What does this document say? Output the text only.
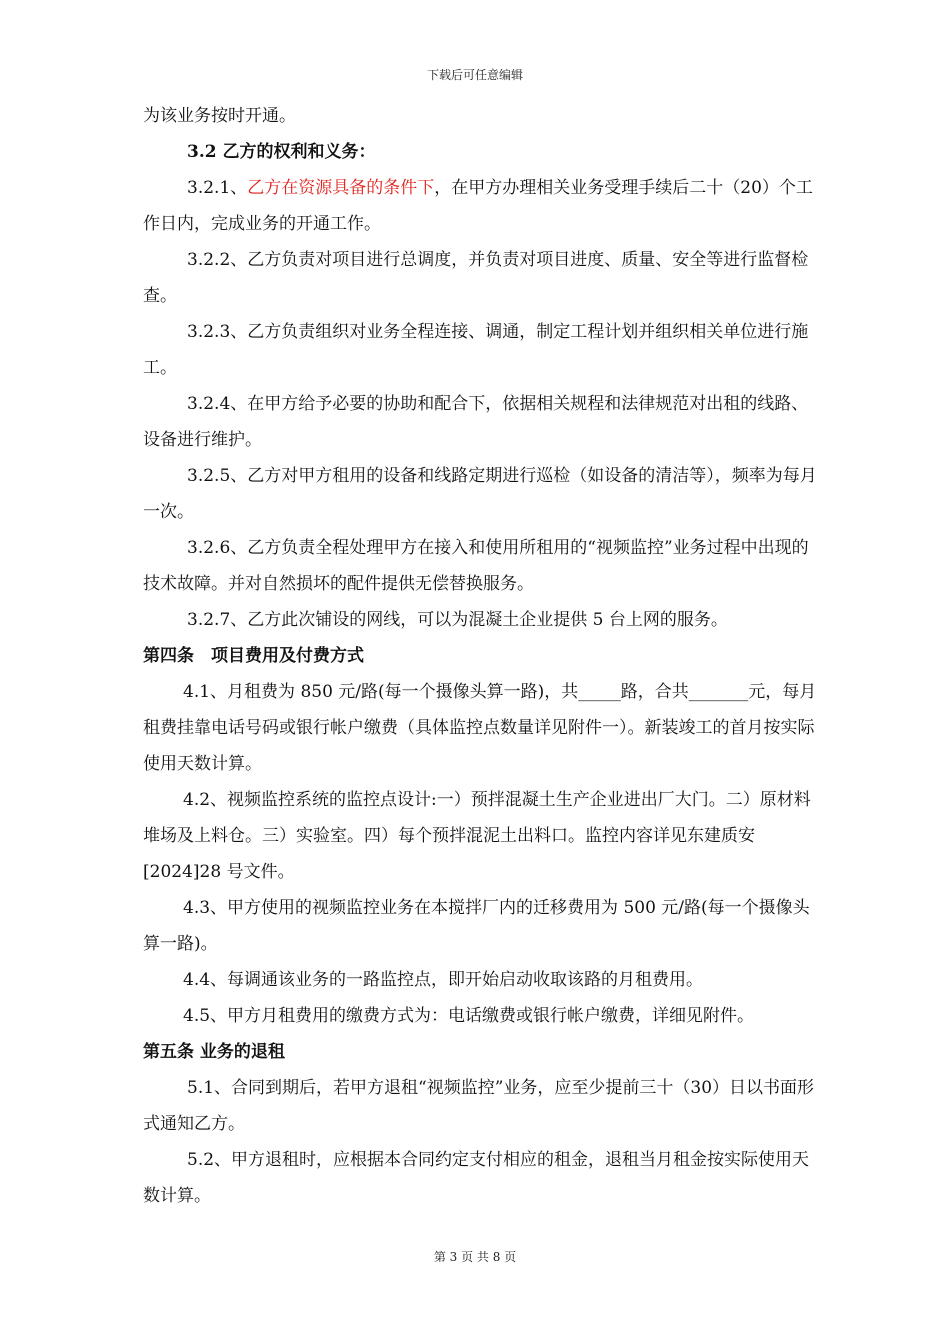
下载后可任意编辑

为该业务按时开通。

3.2 乙方的权利和义务：

3.2.1、乙方在资源具备的条件下，在甲方办理相关业务受理手续后二十（20）个工作日内，完成业务的开通工作。

3.2.2、乙方负责对项目进行总调度，并负责对项目进度、质量、安全等进行监督检查。

3.2.3、乙方负责组织对业务全程连接、调通，制定工程计划并组织相关单位进行施工。

3.2.4、在甲方给予必要的协助和配合下，依据相关规程和法律规范对出租的线路、设备进行维护。

3.2.5、乙方对甲方租用的设备和线路定期进行巡检（如设备的清洁等），频率为每月一次。

3.2.6、乙方负责全程处理甲方在接入和使用所租用的“视频监控”业务过程中出现的技术故障。并对自然损坏的配件提供无偿替换服务。

3.2.7、乙方此次铺设的网线，可以为混凝土企业提供 5 台上网的服务。

第四条　项目费用及付费方式

4.1、月租费为 850 元/路(每一个摄像头算一路)，共_____路，合共_______元，每月租费挂靠电话号码或银行帐户缴费（具体监控点数量详见附件一）。新装竣工的首月按实际使用天数计算。

4.2、视频监控系统的监控点设计:一）预拌混凝土生产企业进出厂大门。二）原材料堆场及上料仓。三）实验室。四）每个预拌混泥土出料口。监控内容详见东建质安[2024]28 号文件。

4.3、甲方使用的视频监控业务在本搅拌厂内的迁移费用为 500 元/路(每一个摄像头算一路)。

4.4、每调通该业务的一路监控点，即开始启动收取该路的月租费用。

4.5、甲方月租费用的缴费方式为：电话缴费或银行帐户缴费，详细见附件。

第五条 业务的退租

5.1、合同到期后，若甲方退租“视频监控”业务，应至少提前三十（30）日以书面形式通知乙方。

5.2、甲方退租时，应根据本合同约定支付相应的租金，退租当月租金按实际使用天数计算。

第 3 页 共 8 页
